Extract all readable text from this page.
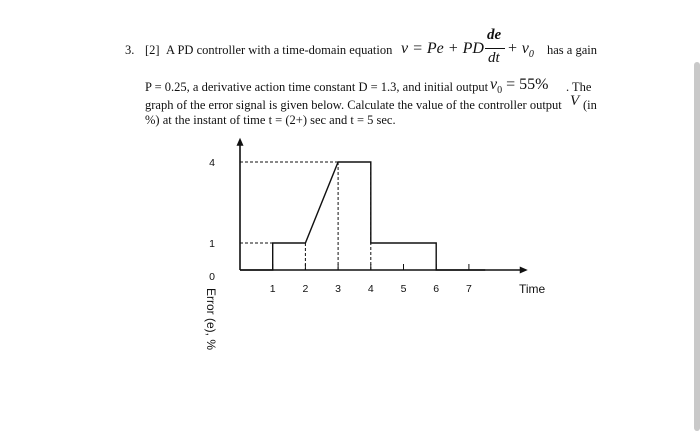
3. [2] A PD controller with a time-domain equation v = Pe + PD
de
dt
+ $v_0$ has a gain
P = 0.25, a derivative action time constant D = 1.3, and initial output $v_0 = 55\%$ . The
graph of the error signal is given below. Calculate the value of the controller output V (in
%) at the instant of time t = (2+) sec and t = 5 sec.
1	2	3	4	5	6	7
0
1
4
Time
Error (e), %
